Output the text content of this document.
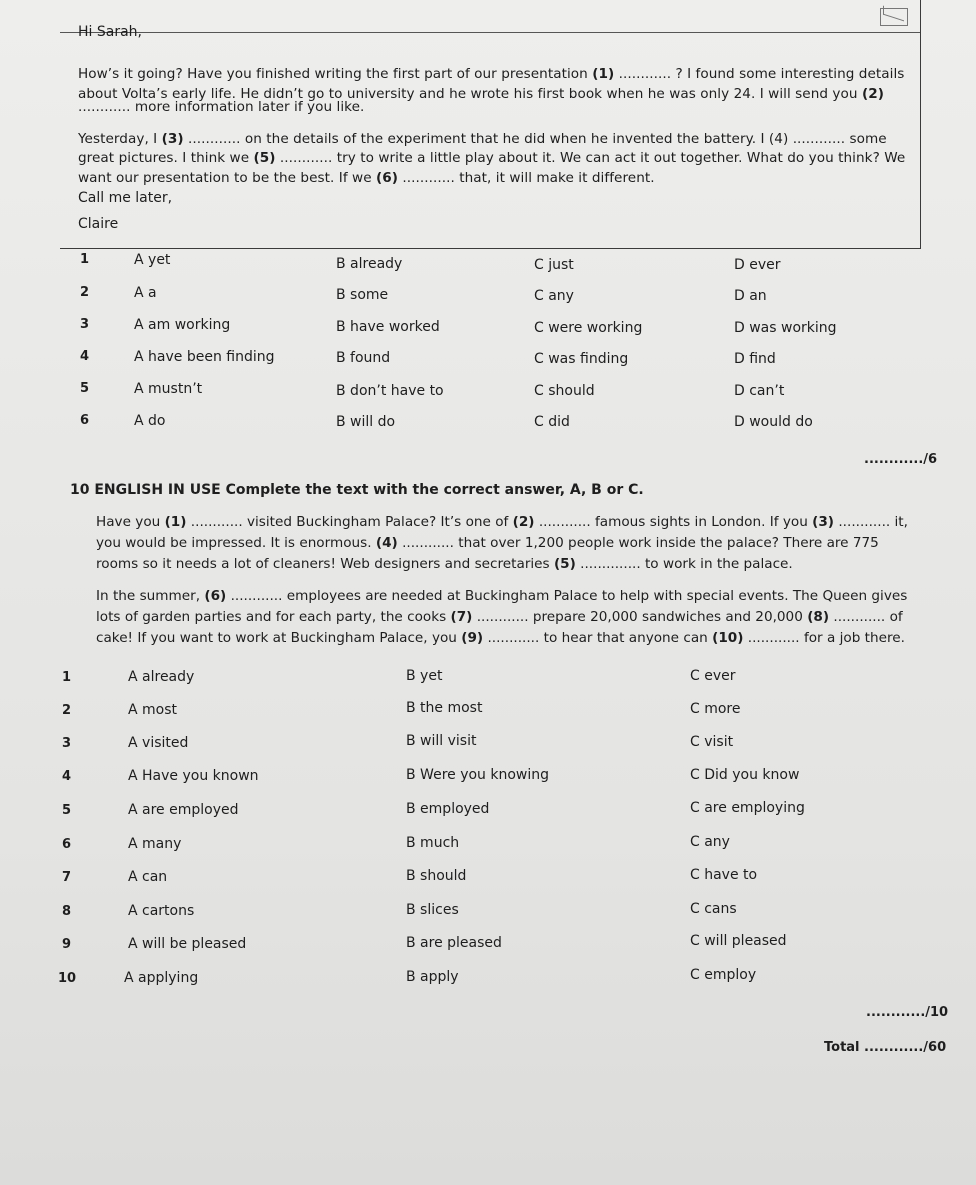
Hi Sarah,
How’s it going? Have you finished writing the first part of our presentation (1) ............ ? I found some interesting details
about Volta’s early life. He didn’t go to university and he wrote his first book when he was only 24. I will send you (2)
............ more information later if you like.
Yesterday, I (3) ............ on the details of the experiment that he did when he invented the battery. I (4) ............ some
great pictures. I think we (5) ............ try to write a little play about it. We can act it out together. What do you think? We
want our presentation to be the best. If we (6) ............ that, it will make it different.
Call me later,
Claire
1	A yet	B already	C just	D ever
2	A a	B some	C any	D an
3	A am working	B have worked	C were working	D was working
4	A have been finding	B found	C was finding	D find
5	A mustn’t	B don’t have to	C should	D can’t
6	A do	B will do	C did	D would do
............/6
10 ENGLISH IN USE Complete the text with the correct answer, A, B or C.
Have you (1) ............ visited Buckingham Palace? It’s one of (2) ............ famous sights in London. If you (3) ............ it,
you would be impressed. It is enormous. (4) ............ that over 1,200 people work inside the palace? There are 775
rooms so it needs a lot of cleaners! Web designers and secretaries (5) .............. to work in the palace.
In the summer, (6) ............ employees are needed at Buckingham Palace to help with special events. The Queen gives
lots of garden parties and for each party, the cooks (7) ............ prepare 20,000 sandwiches and 20,000 (8) ............ of
cake! If you want to work at Buckingham Palace, you (9) ............ to hear that anyone can (10) ............ for a job there.
1	A already	B yet	C ever
2	A most	B the most	C more
3	A visited	B will visit	C visit
4	A Have you known	B Were you knowing	C Did you know
5	A are employed	B employed	C are employing
6	A many	B much	C any
7	A can	B should	C have to
8	A cartons	B slices	C cans
9	A will be pleased	B are pleased	C will pleased
10	A applying	B apply	C employ
............/10
Total ............/60
